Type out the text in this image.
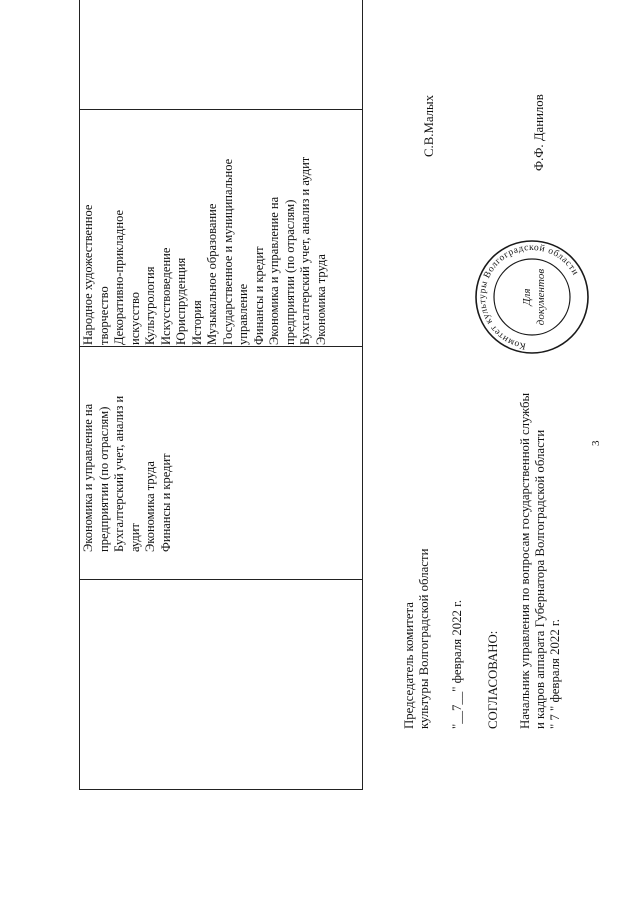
Экономика и управление на предприятии (по отраслям) Бухгалтерский учет, анализ и аудит Экономика труда Финансы и кредит
Народное художественное творчество Декоративно-прикладное искусство Культурология Искусствоведение Юриспруденция История Музыкальное образование Государственное и муниципальное управление Финансы и кредит Экономика и управление на предприятии (по отраслям) Бухгалтерский учет, анализ и аудит Экономика труда
Председатель комитета культуры Волгоградской области
С.В.Малых
"__7__" февраля 2022 г. СОГЛАСОВАНО: Начальник управления по вопросам государственной службы и кадров аппарата Губернатора Волгоградской области " 7 " февраля 2022 г.
Ф.Ф. Данилов
3
Комитет культуры Волгоградской области
Для документов
